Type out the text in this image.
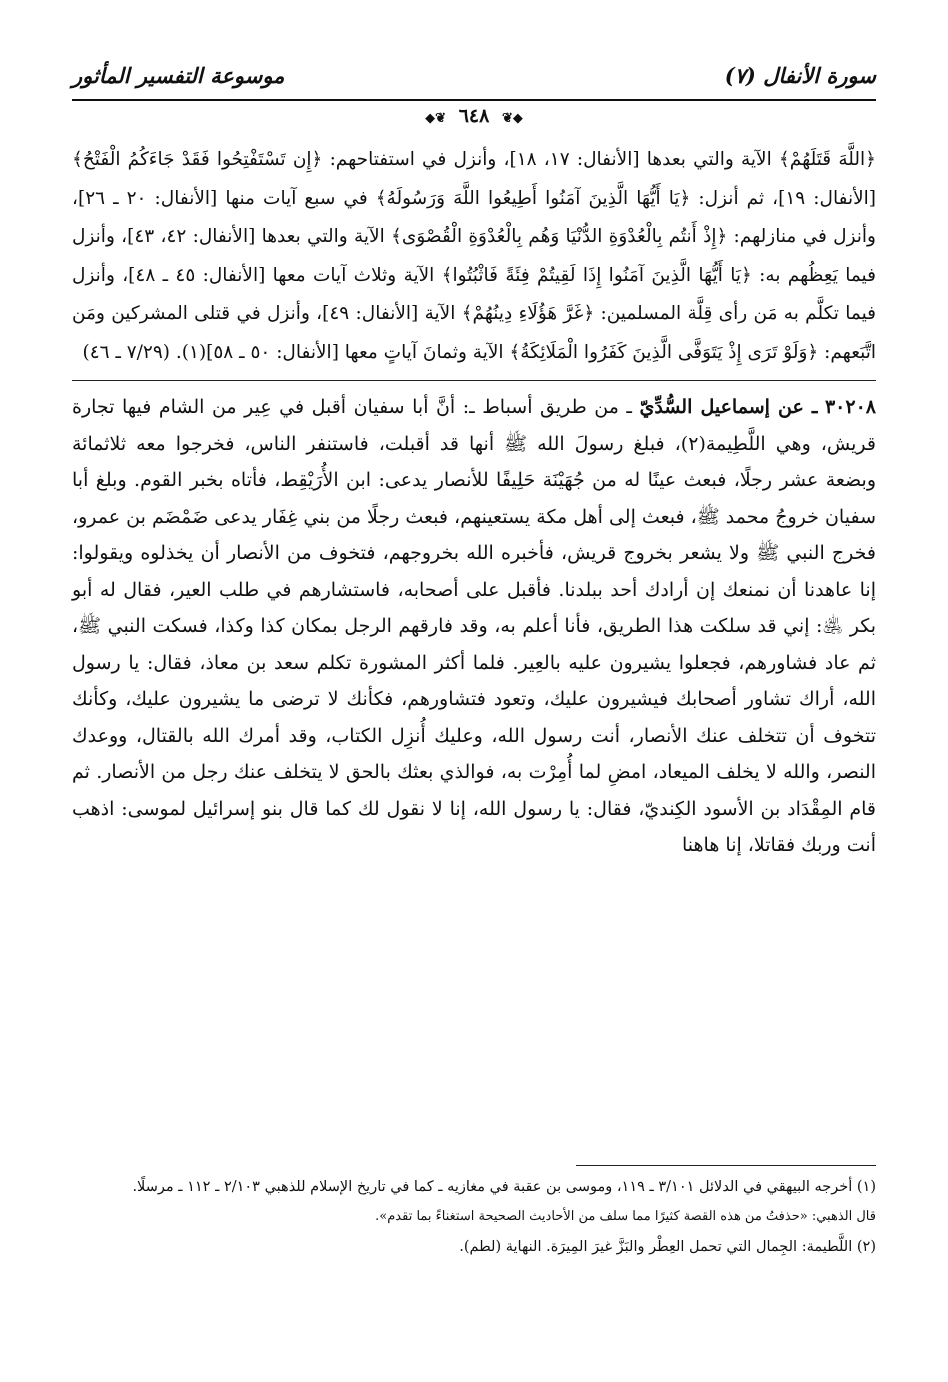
سورة الأنفال (٧)
موسوعة التفسير المأثور
◆❦ ٦٤٨ ❦◆
﴿اللَّهَ قَتَلَهُمْ﴾ الآية والتي بعدها [الأنفال: ١٧، ١٨]، وأنزل في استفتاحهم: ﴿إِن تَسْتَفْتِحُوا فَقَدْ جَاءَكُمُ الْفَتْحُ﴾ [الأنفال: ١٩]، ثم أنزل: ﴿يَا أَيُّهَا الَّذِينَ آمَنُوا أَطِيعُوا اللَّهَ وَرَسُولَهُ﴾ في سبع آيات منها [الأنفال: ٢٠ ـ ٢٦]، وأنزل في منازلهم: ﴿إِذْ أَنتُم بِالْعُدْوَةِ الدُّنْيَا وَهُم بِالْعُدْوَةِ الْقُصْوَى﴾ الآية والتي بعدها [الأنفال: ٤٢، ٤٣]، وأنزل فيما يَعِظُهم به: ﴿يَا أَيُّهَا الَّذِينَ آمَنُوا إِذَا لَقِيتُمْ فِئَةً فَاثْبُتُوا﴾ الآية وثلاث آيات معها [الأنفال: ٤٥ ـ ٤٨]، وأنزل فيما تكلَّم به مَن رأى قِلَّة المسلمين: ﴿غَرَّ هَؤُلَاءِ دِينُهُمْ﴾ الآية [الأنفال: ٤٩]، وأنزل في قتلى المشركين ومَن اتَّبَعهم: ﴿وَلَوْ تَرَى إِذْ يَتَوَفَّى الَّذِينَ كَفَرُوا الْمَلَائِكَةُ﴾ الآية وثمانَ آياتٍ معها [الأنفال: ٥٠ ـ ٥٨](١). (٧/٢٩ ـ ٤٦)
٣٠٢٠٨ ـ عن إسماعيل السُّدِّيّ ـ من طريق أسباط ـ: أنَّ أبا سفيان أقبل في عِير من الشام فيها تجارة قريش، وهي اللَّطِيمة(٢)، فبلغ رسولَ الله ﷺ أنها قد أقبلت، فاستنفر الناس، فخرجوا معه ثلاثمائة وبضعة عشر رجلًا، فبعث عينًا له من جُهَيْنَة حَلِيفًا للأنصار يدعى: ابن الأُرَيْقِط، فأتاه بخبر القوم. وبلغ أبا سفيان خروجُ محمد ﷺ، فبعث إلى أهل مكة يستعينهم، فبعث رجلًا من بني غِفَار يدعى ضَمْضَم بن عمرو، فخرج النبي ﷺ ولا يشعر بخروج قريش، فأخبره الله بخروجهم، فتخوف من الأنصار أن يخذلوه ويقولوا: إنا عاهدنا أن نمنعك إن أرادك أحد ببلدنا. فأقبل على أصحابه، فاستشارهم في طلب العير، فقال له أبو بكر ﵁: إني قد سلكت هذا الطريق، فأنا أعلم به، وقد فارقهم الرجل بمكان كذا وكذا، فسكت النبي ﷺ، ثم عاد فشاورهم، فجعلوا يشيرون عليه بالعِير. فلما أكثر المشورة تكلم سعد بن معاذ، فقال: يا رسول الله، أراك تشاور أصحابك فيشيرون عليك، وتعود فتشاورهم، فكأنك لا ترضى ما يشيرون عليك، وكأنك تتخوف أن تتخلف عنك الأنصار، أنت رسول الله، وعليك أُنزِل الكتاب، وقد أمرك الله بالقتال، ووعدك النصر، والله لا يخلف الميعاد، امضِ لما أُمِرْت به، فوالذي بعثك بالحق لا يتخلف عنك رجل من الأنصار. ثم قام المِقْدَاد بن الأسود الكِنديّ، فقال: يا رسول الله، إنا لا نقول لك كما قال بنو إسرائيل لموسى: اذهب أنت وربك فقاتلا، إنا هاهنا

(١) أخرجه البيهقي في الدلائل ٣/١٠١ ـ ١١٩، وموسى بن عقبة في مغازيه ـ كما في تاريخ الإسلام للذهبي ٢/١٠٣ ـ ١١٢ ـ مرسلًا.

قال الذهبي: «حذفتُ من هذه القصة كثيرًا مما سلف من الأحاديث الصحيحة استغناءً بما تقدم».

(٢) اللَّطيمة: الجِمال التي تحمل العِطْر والبَزَّ غيرَ المِيرَة. النهاية (لطم).
